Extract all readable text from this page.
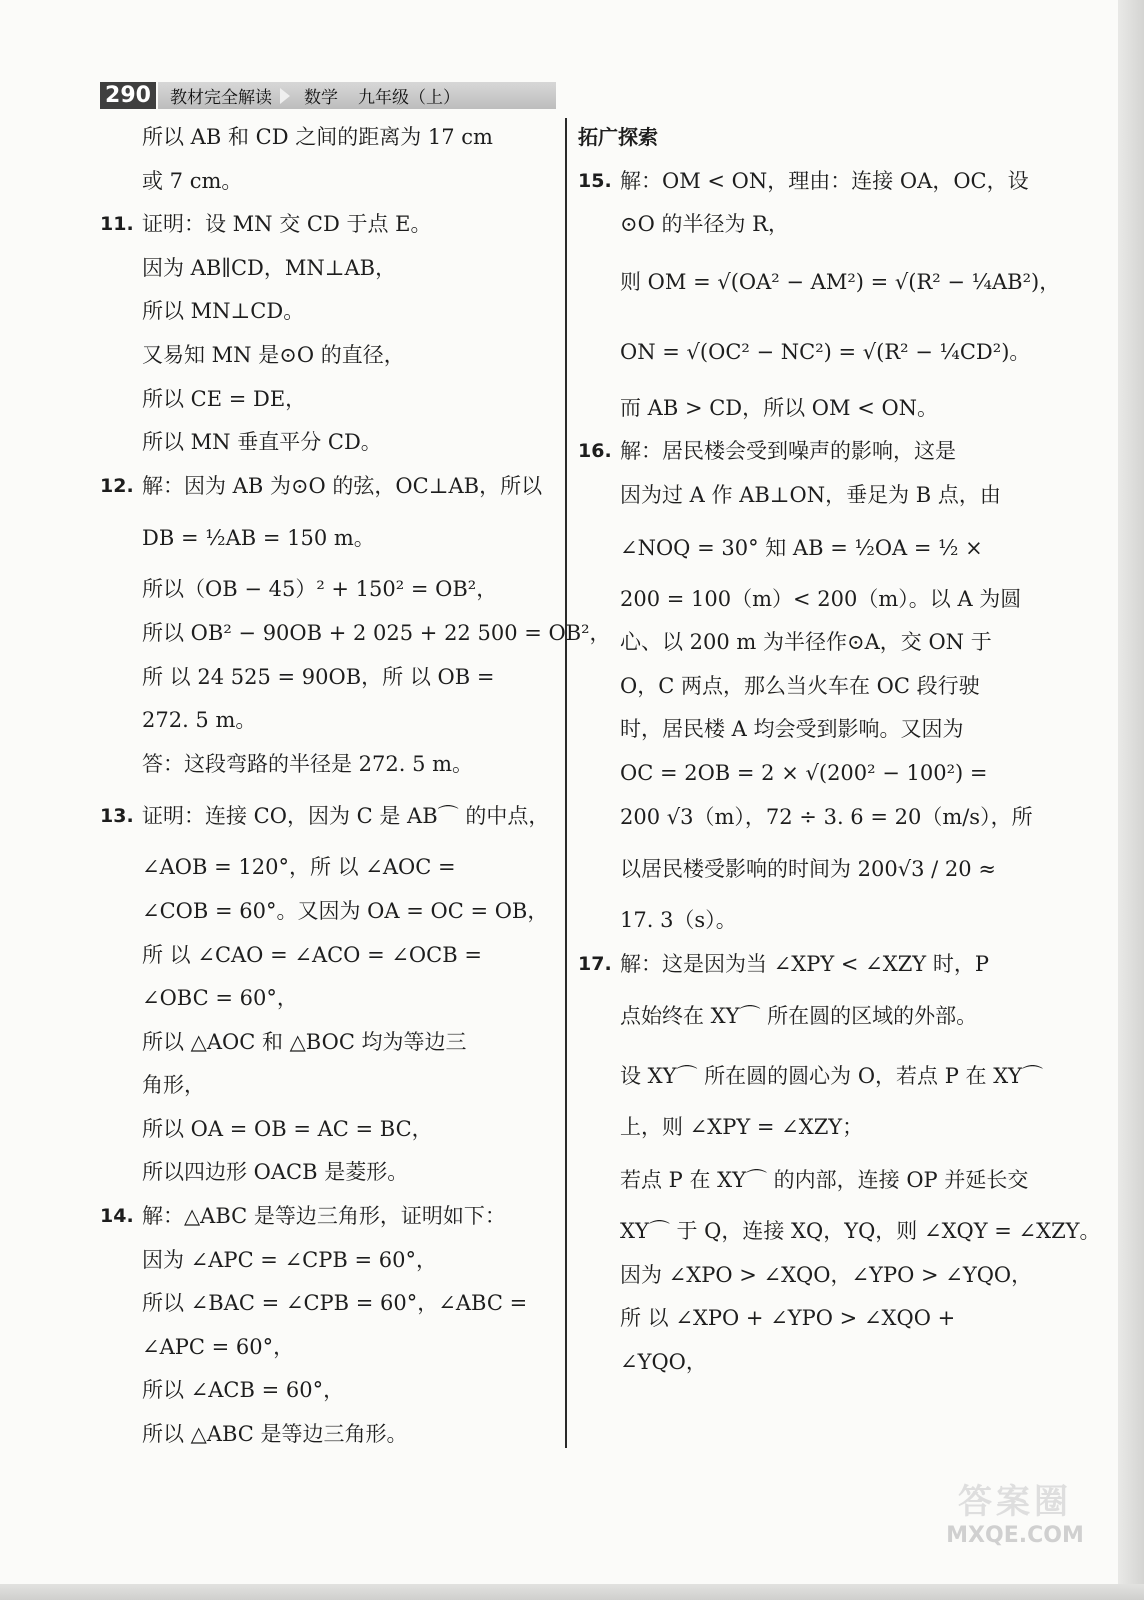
290 教材完全解读 数学 九年级（上）
所以 AB 和 CD 之间的距离为 17 cm
或 7 cm。
11. 证明：设 MN 交 CD 于点 E。
因为 AB∥CD，MN⊥AB，
所以 MN⊥CD。
又易知 MN 是⊙O 的直径，
所以 CE = DE，
所以 MN 垂直平分 CD。
12. 解：因为 AB 为⊙O 的弦，OC⊥AB，所以
DB = ½AB = 150 m。
所以（OB − 45）² + 150² = OB²，
所以 OB² − 90OB + 2 025 + 22 500 = OB²，
所 以 24 525 = 90OB，所 以 OB =
272. 5 m。
答：这段弯路的半径是 272. 5 m。
13. 证明：连接 CO，因为 C 是 AB⌒ 的中点，
∠AOB = 120°，所 以 ∠AOC =
∠COB = 60°。又因为 OA = OC = OB，
所 以 ∠CAO = ∠ACO = ∠OCB =
∠OBC = 60°，
所以 △AOC 和 △BOC 均为等边三
角形，
所以 OA = OB = AC = BC，
所以四边形 OACB 是菱形。
14. 解：△ABC 是等边三角形，证明如下：
因为 ∠APC = ∠CPB = 60°，
所以 ∠BAC = ∠CPB = 60°，∠ABC =
∠APC = 60°，
所以 ∠ACB = 60°，
所以 △ABC 是等边三角形。
拓广探索
15. 解：OM < ON，理由：连接 OA，OC，设
⊙O 的半径为 R，
则 OM = √(OA² − AM²) = √(R² − ¼AB²)，
ON = √(OC² − NC²) = √(R² − ¼CD²)。
而 AB > CD，所以 OM < ON。
16. 解：居民楼会受到噪声的影响，这是
因为过 A 作 AB⊥ON，垂足为 B 点，由
∠NOQ = 30° 知 AB = ½OA = ½ ×
200 = 100（m）< 200（m）。以 A 为圆
心、以 200 m 为半径作⊙A，交 ON 于
O，C 两点，那么当火车在 OC 段行驶
时，居民楼 A 均会受到影响。又因为
OC = 2OB = 2 × √(200² − 100²) =
200 √3（m），72 ÷ 3. 6 = 20（m/s），所
以居民楼受影响的时间为 200√3 / 20 ≈
17. 3（s）。
17. 解：这是因为当 ∠XPY < ∠XZY 时，P
点始终在 XY⌒ 所在圆的区域的外部。
设 XY⌒ 所在圆的圆心为 O，若点 P 在 XY⌒
上，则 ∠XPY = ∠XZY；
若点 P 在 XY⌒ 的内部，连接 OP 并延长交
XY⌒ 于 Q，连接 XQ，YQ，则 ∠XQY = ∠XZY。
因为 ∠XPO > ∠XQO，∠YPO > ∠YQO，
所 以 ∠XPO + ∠YPO > ∠XQO +
∠YQO，
答案圈
MXQE.COM
